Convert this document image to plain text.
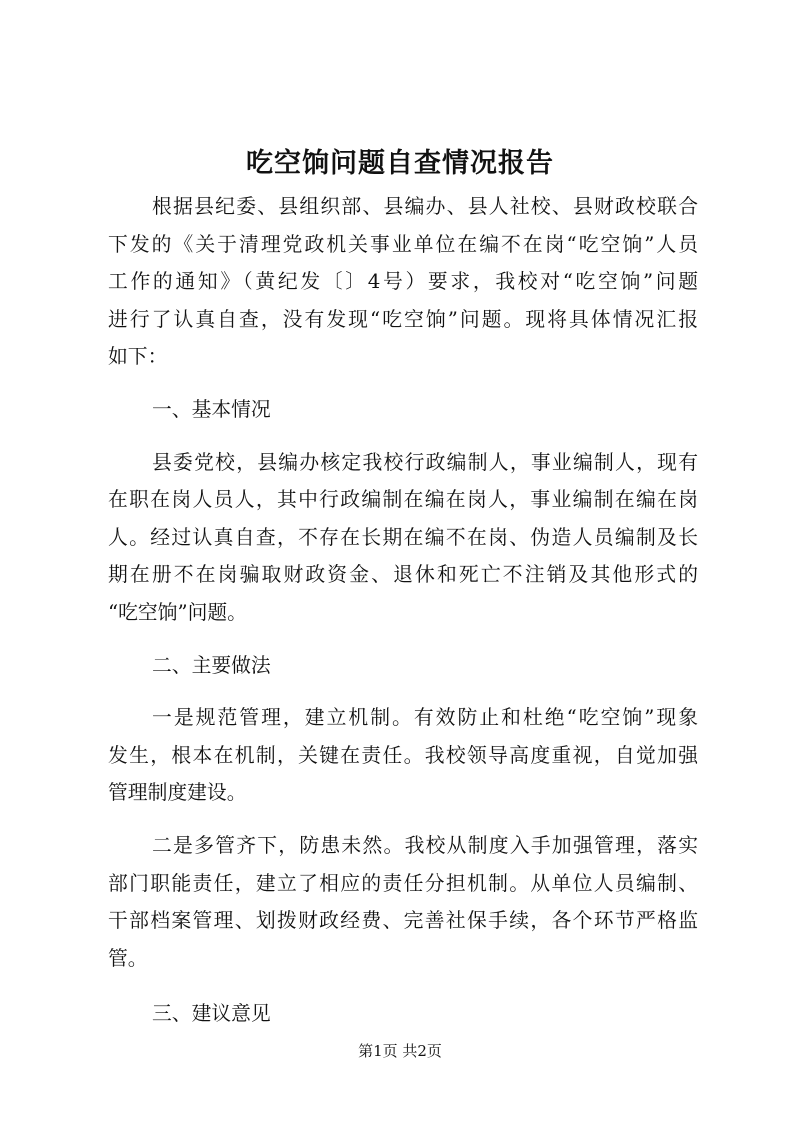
吃空饷问题自查情况报告
根据县纪委、县组织部、县编办、县人社校、县财政校联合
下发的《关于清理党政机关事业单位在编不在岗“吃空饷”人员
工作的通知》（黄纪发〔〕4号）要求，我校对“吃空饷”问题
进行了认真自查，没有发现“吃空饷”问题。现将具体情况汇报
如下：
一、基本情况
县委党校，县编办核定我校行政编制人，事业编制人，现有
在职在岗人员人，其中行政编制在编在岗人，事业编制在编在岗
人。经过认真自查，不存在长期在编不在岗、伪造人员编制及长
期在册不在岗骗取财政资金、退休和死亡不注销及其他形式的
“吃空饷”问题。
二、主要做法
一是规范管理，建立机制。有效防止和杜绝“吃空饷”现象
发生，根本在机制，关键在责任。我校领导高度重视，自觉加强
管理制度建设。
二是多管齐下，防患未然。我校从制度入手加强管理，落实
部门职能责任，建立了相应的责任分担机制。从单位人员编制、
干部档案管理、划拨财政经费、完善社保手续，各个环节严格监
管。
三、建议意见
第1页 共2页
